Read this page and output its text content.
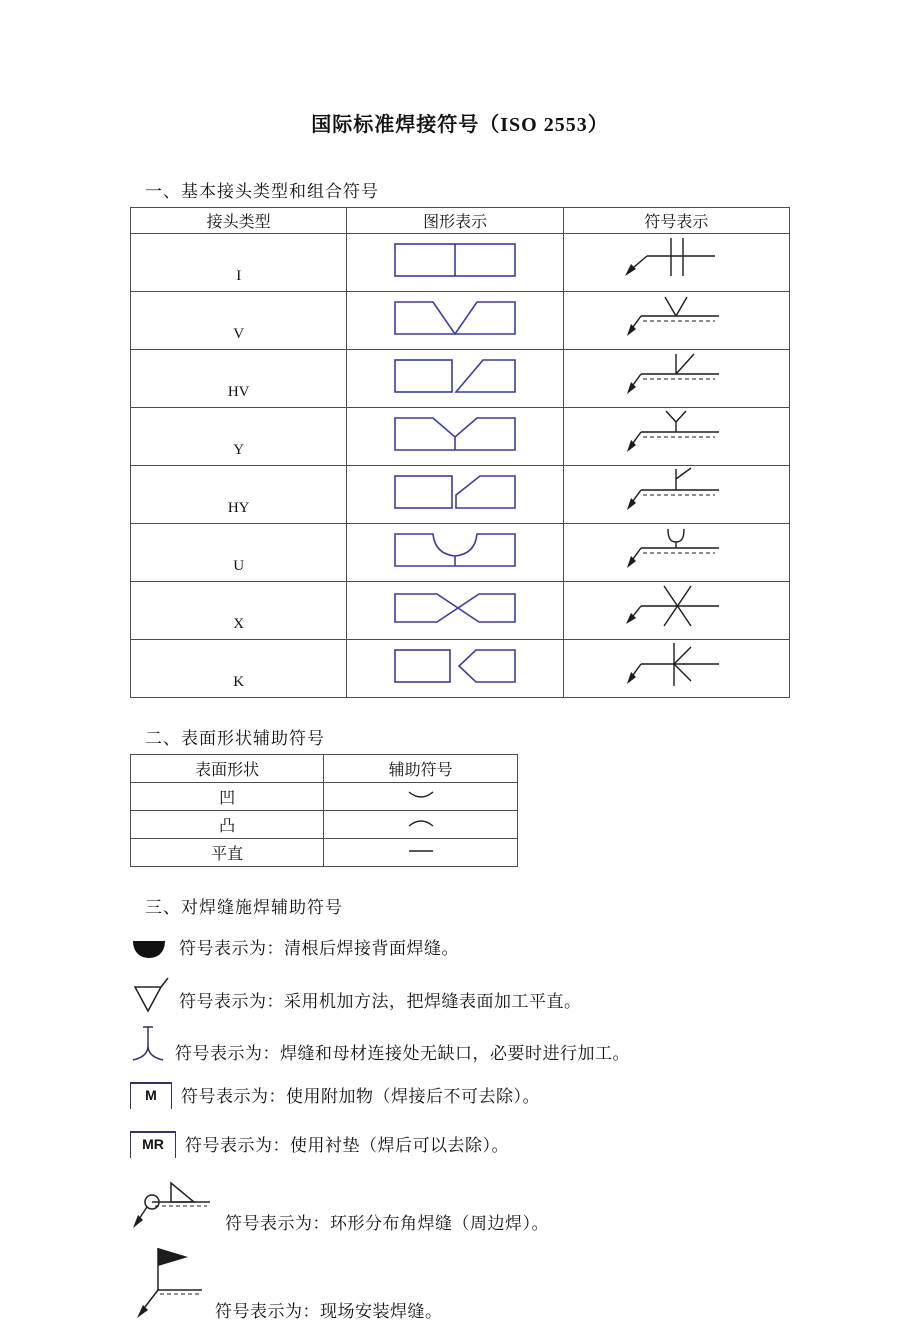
国际标准焊接符号（ISO 2553）
一、基本接头类型和组合符号
接头类型	图形表示	符号表示
I		
V		
HV		
Y		
HY		
U		
X		
K		
二、表面形状辅助符号
表面形状	辅助符号
凹	
凸	
平直	
三、对焊缝施焊辅助符号
符号表示为：清根后焊接背面焊缝。
符号表示为：采用机加方法，把焊缝表面加工平直。
符号表示为：焊缝和母材连接处无缺口，必要时进行加工。
M	符号表示为：使用附加物（焊接后不可去除）。
MR	符号表示为：使用衬垫（焊后可以去除）。
符号表示为：环形分布角焊缝（周边焊）。
符号表示为：现场安装焊缝。
